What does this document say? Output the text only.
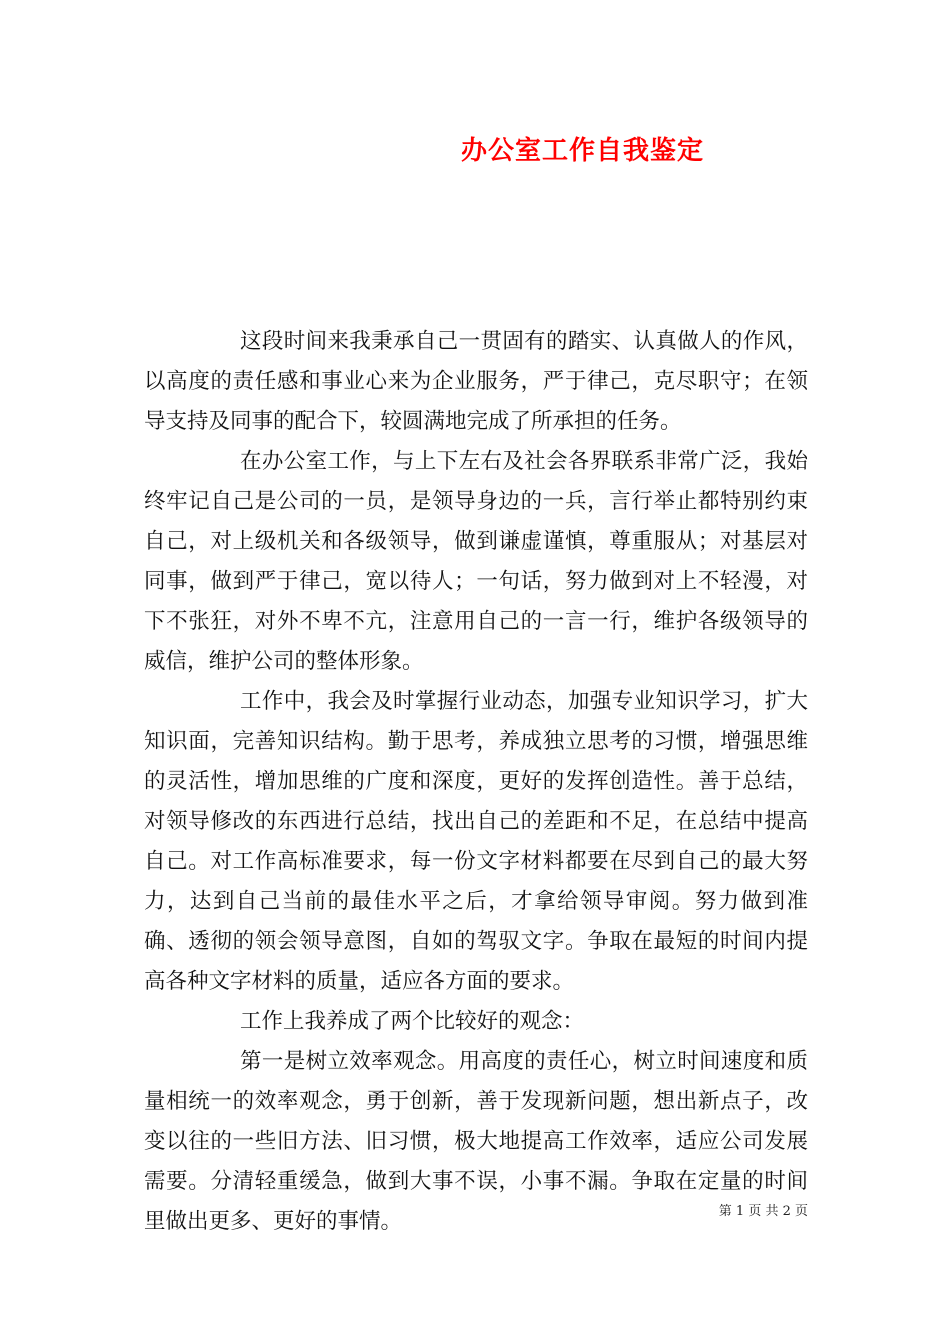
办公室工作自我鉴定

这段时间来我秉承自己一贯固有的踏实、认真做人的作风，以高度的责任感和事业心来为企业服务，严于律己，克尽职守；在领导支持及同事的配合下，较圆满地完成了所承担的任务。

在办公室工作，与上下左右及社会各界联系非常广泛，我始终牢记自己是公司的一员，是领导身边的一兵，言行举止都特别约束自己，对上级机关和各级领导，做到谦虚谨慎，尊重服从；对基层对同事，做到严于律己，宽以待人；一句话，努力做到对上不轻漫，对下不张狂，对外不卑不亢，注意用自己的一言一行，维护各级领导的威信，维护公司的整体形象。

工作中，我会及时掌握行业动态，加强专业知识学习，扩大知识面，完善知识结构。勤于思考，养成独立思考的习惯，增强思维的灵活性，增加思维的广度和深度，更好的发挥创造性。善于总结，对领导修改的东西进行总结，找出自己的差距和不足，在总结中提高自己。对工作高标准要求，每一份文字材料都要在尽到自己的最大努力，达到自己当前的最佳水平之后，才拿给领导审阅。努力做到准确、透彻的领会领导意图，自如的驾驭文字。争取在最短的时间内提高各种文字材料的质量，适应各方面的要求。

工作上我养成了两个比较好的观念：

第一是树立效率观念。用高度的责任心，树立时间速度和质量相统一的效率观念，勇于创新，善于发现新问题，想出新点子，改变以往的一些旧方法、旧习惯，极大地提高工作效率，适应公司发展需要。分清轻重缓急，做到大事不误，小事不漏。争取在定量的时间里做出更多、更好的事情。	第 1 页 共 2 页
